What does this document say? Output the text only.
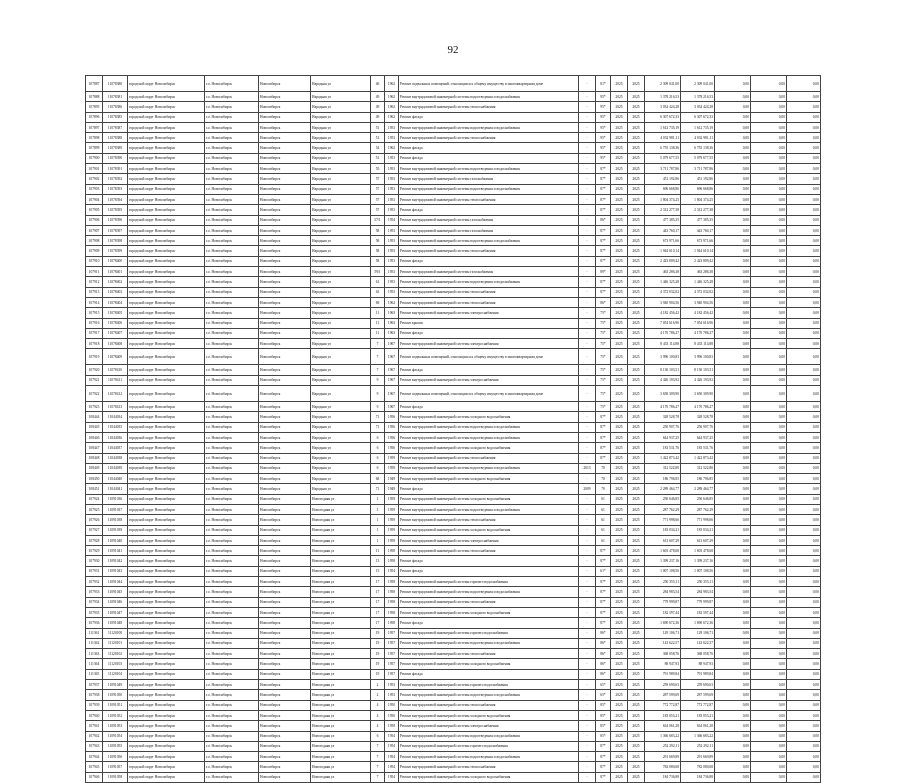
92
107887	11078380	городской округ Новосибирск	г.о. Новосибирск	Новосибирск	Народная ул	46	1962	Ремонт подвальных помещений, относящихся к общему имуществу в многоквартирном доме	-	81*	2025	2025	2 309 041,00	2 309 041,00	0,00	0,00	0,00
107888	11078381	городской округ Новосибирск	г.о. Новосибирск	Новосибирск	Народная ул	49	1962	Ремонт внутридомовой инженерной системы водоотведения и водоснабжения	-	95*	2025	2025	1 378 216,53	1 378 216,53	0,00	0,00	0,00
107895	11078386	городской округ Новосибирск	г.о. Новосибирск	Новосибирск	Народная ул	49	1962	Ремонт внутридомовой инженерной системы теплоснабжения	-	95*	2025	2025	3 034 424,28	3 034 424,28	0,00	0,00	0,00
107896	11078385	городской округ Новосибирск	г.о. Новосибирск	Новосибирск	Народная ул	49	1962	Ремонт фасада	-	95*	2025	2025	6 307 672,33	6 307 672,33	0,00	0,00	0,00
107897	11078387	городской округ Новосибирск	г.о. Новосибирск	Новосибирск	Народная ул	51	1953	Ремонт внутридомовой инженерной системы водоотведения и водоснабжения	-	95*	2025	2025	1 612 735,19	1 612 735,19	0,00	0,00	0,00
107898	11078388	городской округ Новосибирск	г.о. Новосибирск	Новосибирск	Народная ул	51	1953	Ремонт внутридомовой инженерной системы теплоснабжения	-	95*	2025	2025	4 032 981,11	4 032 981,11	0,00	0,00	0,00
107899	11078389	городской округ Новосибирск	г.о. Новосибирск	Новосибирск	Народная ул	54	1962	Ремонт фасада	-	95*	2025	2025	6 755 138,36	6 755 138,36	0,00	0,00	0,00
107900	11078390	городской округ Новосибирск	г.о. Новосибирск	Новосибирск	Народная ул	51	1953	Ремонт фасада	-	95*	2025	2025	5 079 677,55	5 079 677,55	0,00	0,00	0,00
107901	11078391	городской округ Новосибирск	г.о. Новосибирск	Новосибирск	Народная ул	55	1953	Ремонт внутридомовой инженерной системы водоотведения и водоснабжения	-	87*	2025	2025	3 711 787,86	3 711 787,86	0,00	0,00	0,00
107902	11078392	городской округ Новосибирск	г.о. Новосибирск	Новосибирск	Народная ул	57	1953	Ремонт внутридомовой инженерной системы газоснабжения	-	87*	2025	2025	451 192,86	451 192,86	0,00	0,00	0,00
107903	11078393	городской округ Новосибирск	г.о. Новосибирск	Новосибирск	Народная ул	57	1953	Ремонт внутридомовой инженерной системы водоотведения и водоснабжения	-	87*	2025	2025	696 668,86	696 668,86	0,00	0,00	0,00
107904	11078394	городской округ Новосибирск	г.о. Новосибирск	Новосибирск	Народная ул	57	1953	Ремонт внутридомовой инженерной системы теплоснабжения	-	87*	2025	2025	1 804 374,25	1 804 374,25	0,00	0,00	0,00
107905	11078395	городской округ Новосибирск	г.о. Новосибирск	Новосибирск	Народная ул	57	1953	Ремонт фасада	-	87*	2025	2025	2 312 277,38	2 312 277,38	0,00	0,00	0,00
107906	11078396	городской округ Новосибирск	г.о. Новосибирск	Новосибирск	Народная ул	57/1	1954	Ремонт внутридомовой инженерной системы газоснабжения	-	86*	2025	2025	477 385,35	477 385,35	0,00	0,00	0,00
107907	11078397	городской округ Новосибирск	г.о. Новосибирск	Новосибирск	Народная ул	58	1953	Ремонт внутридомовой инженерной системы газоснабжения	-	87*	2025	2025	443 760,17	443 760,17	0,00	0,00	0,00
107908	11078398	городской округ Новосибирск	г.о. Новосибирск	Новосибирск	Народная ул	58	1953	Ремонт внутридомовой инженерной системы водоотведения и водоснабжения	-	87*	2025	2025	673 971,66	673 971,66	0,00	0,00	0,00
107909	11078399	городской округ Новосибирск	г.о. Новосибирск	Новосибирск	Народная ул	58	1953	Ремонт внутридомовой инженерной системы теплоснабжения	-	87*	2025	2025	1 944 610,14	1 944 610,14	0,00	0,00	0,00
107910	11078400	городской округ Новосибирск	г.о. Новосибирск	Новосибирск	Народная ул	58	1953	Ремонт фасада	-	87*	2025	2025	2 423 809,42	2 423 809,42	0,00	0,00	0,00
107911	11078401	городской округ Новосибирск	г.о. Новосибирск	Новосибирск	Народная ул	59/1	1953	Ремонт внутридомовой инженерной системы газоснабжения	-	89*	2025	2025	463 286,38	463 286,38	0,00	0,00	0,00
107912	11078402	городской округ Новосибирск	г.о. Новосибирск	Новосибирск	Народная ул	61	1953	Ремонт внутридомовой инженерной системы водоотведения и водоснабжения	-	87*	2025	2025	1 446 325,28	1 446 325,28	0,00	0,00	0,00
107913	11078403	городской округ Новосибирск	г.о. Новосибирск	Новосибирск	Народная ул	63	1953	Ремонт внутридомовой инженерной системы теплоснабжения	-	87*	2025	2025	4 372 032,02	4 372 032,02	0,00	0,00	0,00
107914	11078404	городской округ Новосибирск	г.о. Новосибирск	Новосибирск	Народная ул	69	1962	Ремонт внутридомовой инженерной системы теплоснабжения	-	86*	2025	2025	3 940 904,56	3 940 904,56	0,00	0,00	0,00
107915	11078405	городской округ Новосибирск	г.о. Новосибирск	Новосибирск	Народная ул	11	1963	Ремонт внутридомовой инженерной системы электроснабжения	-	75*	2025	2025	4 182 456,42	4 182 456,42	0,00	0,00	0,00
107916	11078406	городской округ Новосибирск	г.о. Новосибирск	Новосибирск	Народная ул	11	1963	Ремонт крыши	-	75*	2025	2025	7 054 616,96	7 054 616,96	0,00	0,00	0,00
107917	11078407	городской округ Новосибирск	г.о. Новосибирск	Новосибирск	Народная ул	11	1963	Ремонт фасада	-	75*	2025	2025	4 170 786,27	4 170 786,27	0,00	0,00	0,00
107918	11078408	городской округ Новосибирск	г.о. Новосибирск	Новосибирск	Народная ул	7	1967	Ремонт внутридомовой инженерной системы электроснабжения	-	75*	2025	2025	8 433 114,88	8 433 114,88	0,00	0,00	0,00
107919	11078409	городской округ Новосибирск	г.о. Новосибирск	Новосибирск	Народная ул	7	1967	Ремонт подвальных помещений, относящихся к общему имуществу в многоквартирном доме	-	75*	2025	2025	3 996 100,83	3 996 100,83	0,00	0,00	0,00
107920	11078410	городской округ Новосибирск	г.о. Новосибирск	Новосибирск	Народная ул	7	1967	Ремонт фасада	-	75*	2025	2025	8 130 103,51	8 130 103,51	0,00	0,00	0,00
107921	11078411	городской округ Новосибирск	г.о. Новосибирск	Новосибирск	Народная ул	9	1967	Ремонт внутридомовой инженерной системы электроснабжения	-	75*	2025	2025	4 426 193,92	4 426 193,92	0,00	0,00	0,00
107922	11078412	городской округ Новосибирск	г.о. Новосибирск	Новосибирск	Народная ул	9	1967	Ремонт подвальных помещений, относящихся к общему имуществу в многоквартирном доме	-	75*	2025	2025	3 650 309,90	3 650 309,90	0,00	0,00	0,00
107923	11078413	городской округ Новосибирск	г.о. Новосибирск	Новосибирск	Народная ул	9	1967	Ремонт фасада	-	75*	2025	2025	4 170 786,27	4 170 786,27	0,00	0,00	0,00
108444	11044034	городской округ Новосибирск	г.о. Новосибирск	Новосибирск	Народная ул	71	1956	Ремонт внутридомовой инженерной системы холодного водоснабжения	-	87*	2025	2025	328 528,78	328 528,78	0,00	0,00	0,00
108445	11044035	городской округ Новосибирск	г.о. Новосибирск	Новосибирск	Народная ул	71	1956	Ремонт внутридомовой инженерной системы водоотведения и водоснабжения	-	87*	2025	2025	250 907,76	250 907,76	0,00	0,00	0,00
108446	11044036	городской округ Новосибирск	г.о. Новосибирск	Новосибирск	Народная ул	6	1956	Ремонт внутридомовой инженерной системы водоотведения и водоснабжения	-	87*	2025	2025	644 937,25	644 937,25	0,00	0,00	0,00
108447	11044037	городской округ Новосибирск	г.о. Новосибирск	Новосибирск	Народная ул	6	1956	Ремонт внутридомовой инженерной системы холодного водоснабжения	-	87*	2025	2025	183 531,76	183 531,76	0,00	0,00	0,00
108448	11044038	городской округ Новосибирск	г.о. Новосибирск	Новосибирск	Народная ул	6	1959	Ремонт внутридомовой инженерной системы теплоснабжения	-	87*	2025	2025	1 422 873,42	1 422 873,42	0,00	0,00	0,00
108449	11044039	городской округ Новосибирск	г.о. Новосибирск	Новосибирск	Народная ул	6	1959	Ремонт внутридомовой инженерной системы водоотведения и водоснабжения	2013	70	2025	2025	312 522,80	312 522,80	0,00	0,00	0,00
108450	11044040	городской округ Новосибирск	г.о. Новосибирск	Новосибирск	Народная ул	68	1949	Ремонт внутридомовой инженерной системы холодного водоснабжения	-	70	2025	2025	186 796,85	186 796,85	0,00	0,00	0,00
108451	11044041	городской округ Новосибирск	г.о. Новосибирск	Новосибирск	Народная ул	71	1949	Ремонт фасада	2009	70	2025	2025	2 289 464,77	2 289 464,77	0,00	0,00	0,00
107924	11091036	городской округ Новосибирск	г.о. Новосибирск	Новосибирск	Новогодняя ул	1	1959	Ремонт внутридомовой инженерной системы холодного водоснабжения	-	61	2025	2025	250 646,85	250 646,85	0,00	0,00	0,00
107925	11091037	городской округ Новосибирск	г.о. Новосибирск	Новосибирск	Новогодняя ул	1	1959	Ремонт внутридомовой инженерной системы водоотведения и водоснабжения	-	61	2025	2025	287 762,29	287 762,29	0,00	0,00	0,00
107926	11091038	городской округ Новосибирск	г.о. Новосибирск	Новосибирск	Новогодняя ул	1	1959	Ремонт внутридомовой инженерной системы теплоснабжения	-	61	2025	2025	771 998,66	771 998,66	0,00	0,00	0,00
107927	11091039	городской округ Новосибирск	г.о. Новосибирск	Новосибирск	Новогодняя ул	1	1959	Ремонт внутридомовой инженерной системы холодного водоснабжения	-	61	2025	2025	183 034,21	183 034,21	0,00	0,00	0,00
107928	11091040	городской округ Новосибирск	г.о. Новосибирск	Новосибирск	Новогодняя ул	1	1959	Ремонт внутридомовой инженерной системы электроснабжения	-	61	2025	2025	613 607,29	613 607,29	0,00	0,00	0,00
107929	11091041	городской округ Новосибирск	г.о. Новосибирск	Новосибирск	Новогодняя ул	11	1958	Ремонт внутридомовой инженерной системы теплоснабжения	-	87*	2025	2025	1 603 478,68	1 603 478,68	0,00	0,00	0,00
107930	11091042	городской округ Новосибирск	г.о. Новосибирск	Новосибирск	Новогодняя ул	13	1958	Ремонт фасада	-	87*	2025	2025	1 399 237,16	1 399 237,16	0,00	0,00	0,00
107931	11091043	городской округ Новосибирск	г.о. Новосибирск	Новосибирск	Новогодняя ул	15	1954	Ремонт фасада	-	61*	2025	2025	1 007 108,56	1 007 108,56	0,00	0,00	0,00
107932	11091044	городской округ Новосибирск	г.о. Новосибирск	Новосибирск	Новогодняя ул	17	1958	Ремонт внутридомовой инженерной системы горячего водоснабжения	-	87*	2025	2025	250 355,11	250 355,11	0,00	0,00	0,00
107933	11091045	городской округ Новосибирск	г.о. Новосибирск	Новосибирск	Новогодняя ул	17	1958	Ремонт внутридомовой инженерной системы водоотведения и водоснабжения	-	87*	2025	2025	284 983,54	284 983,54	0,00	0,00	0,00
107934	11091046	городской округ Новосибирск	г.о. Новосибирск	Новосибирск	Новогодняя ул	17	1958	Ремонт внутридомовой инженерной системы теплоснабжения	-	87*	2025	2025	779 999,87	779 999,87	0,00	0,00	0,00
107935	11091047	городской округ Новосибирск	г.о. Новосибирск	Новосибирск	Новогодняя ул	17	1958	Ремонт внутридомовой инженерной системы холодного водоснабжения	-	87*	2025	2025	182 597,44	182 597,44	0,00	0,00	0,00
107936	11091048	городской округ Новосибирск	г.о. Новосибирск	Новосибирск	Новогодняя ул	17	1958	Ремонт фасада	-	87*	2025	2025	1 690 672,36	1 690 672,36	0,00	0,00	0,00
111361	11120100	городской округ Новосибирск	г.о. Новосибирск	Новосибирск	Новогодняя ул	19	1957	Ремонт внутридомовой инженерной системы горячего водоснабжения	-	86*	2025	2025	129 106,71	129 106,71	0,00	0,00	0,00
111362	11120101	городской округ Новосибирск	г.о. Новосибирск	Новосибирск	Новогодняя ул	19	1957	Ремонт внутридомовой инженерной системы водоотведения и водоснабжения	-	86*	2025	2025	143 622,57	143 622,57	0,00	0,00	0,00
111363	11120102	городской округ Новосибирск	г.о. Новосибирск	Новосибирск	Новогодняя ул	19	1957	Ремонт внутридомовой инженерной системы теплоснабжения	-	86*	2025	2025	368 058,76	368 058,76	0,00	0,00	0,00
111364	11120103	городской округ Новосибирск	г.о. Новосибирск	Новосибирск	Новогодняя ул	19	1957	Ремонт внутридомовой инженерной системы холодного водоснабжения	-	86*	2025	2025	88 947,93	88 947,93	0,00	0,00	0,00
111365	11120104	городской округ Новосибирск	г.о. Новосибирск	Новосибирск	Новогодняя ул	19	1957	Ремонт фасада	-	86*	2025	2025	791 989,84	791 989,84	0,00	0,00	0,00
107937	11091049	городской округ Новосибирск	г.о. Новосибирск	Новосибирск	Новогодняя ул	2	1953	Ремонт внутридомовой инженерной системы горячего водоснабжения	-	65*	2025	2025	259 690,63	259 690,63	0,00	0,00	0,00
107938	11091050	городской округ Новосибирск	г.о. Новосибирск	Новосибирск	Новогодняя ул	2	1953	Ремонт внутридомовой инженерной системы водоотведения и водоснабжения	-	65*	2025	2025	287 599,69	287 599,69	0,00	0,00	0,00
107939	11091051	городской округ Новосибирск	г.о. Новосибирск	Новосибирск	Новогодняя ул	4	1950	Ремонт внутридомовой инженерной системы теплоснабжения	-	85*	2025	2025	772 772,87	772 772,87	0,00	0,00	0,00
107940	11091052	городской округ Новосибирск	г.о. Новосибирск	Новосибирск	Новогодняя ул	4	1950	Ремонт внутридомовой инженерной системы холодного водоснабжения	-	85*	2025	2025	183 053,21	183 053,21	0,00	0,00	0,00
107941	11091053	городской округ Новосибирск	г.о. Новосибирск	Новосибирск	Новогодняя ул	4	1950	Ремонт внутридомовой инженерной системы электроснабжения	-	85*	2025	2025	634 061,28	634 061,28	0,00	0,00	0,00
107942	11091054	городской округ Новосибирск	г.о. Новосибирск	Новосибирск	Новогодняя ул	6	1954	Ремонт внутридомовой инженерной системы водоотведения и водоснабжения	-	85*	2025	2025	1 366 683,22	1 366 683,22	0,00	0,00	0,00
107943	11091055	городской округ Новосибирск	г.о. Новосибирск	Новосибирск	Новогодняя ул	7	1954	Ремонт внутридомовой инженерной системы горячего водоснабжения	-	87*	2025	2025	252 292,11	252 292,11	0,00	0,00	0,00
107944	11091056	городской округ Новосибирск	г.о. Новосибирск	Новосибирск	Новогодняя ул	7	1954	Ремонт внутридомовой инженерной системы водоотведения и водоснабжения	-	87*	2025	2025	291 669,89	291 669,89	0,00	0,00	0,00
107945	11091057	городской округ Новосибирск	г.о. Новосибирск	Новосибирск	Новогодняя ул	7	1954	Ремонт внутридомовой инженерной системы теплоснабжения	-	87*	2025	2025	782 080,68	782 080,68	0,00	0,00	0,00
107946	11091058	городской округ Новосибирск	г.о. Новосибирск	Новосибирск	Новогодняя ул	7	1954	Ремонт внутридомовой инженерной системы холодного водоснабжения	-	87*	2025	2025	184 736,88	184 736,88	0,00	0,00	0,00
